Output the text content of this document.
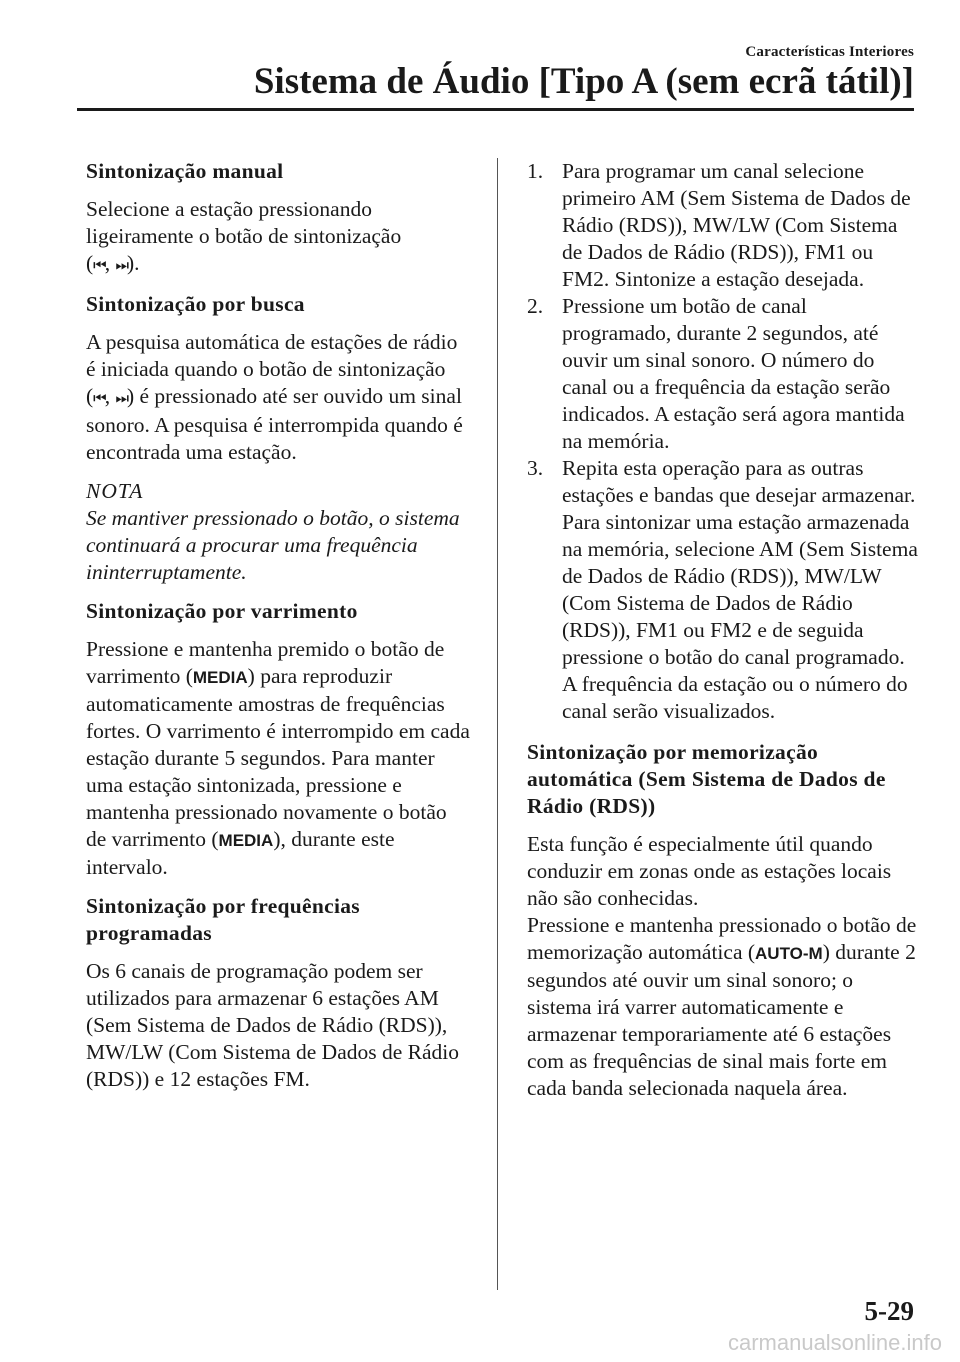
Características Interiores
Sistema de Áudio [Tipo A (sem ecrã tátil)]
Sintonização manual
Selecione a estação pressionando ligeiramente o botão de sintonização
(⏮, ⏭).
Sintonização por busca
A pesquisa automática de estações de rádio é iniciada quando o botão de sintonização (⏮, ⏭) é pressionado até ser ouvido um sinal sonoro. A pesquisa é interrompida quando é encontrada uma estação.
NOTA
Se mantiver pressionado o botão, o sistema continuará a procurar uma frequência ininterruptamente.
Sintonização por varrimento
Pressione e mantenha premido o botão de varrimento (MEDIA) para reproduzir automaticamente amostras de frequências fortes. O varrimento é interrompido em cada estação durante 5 segundos. Para manter uma estação sintonizada, pressione e mantenha pressionado novamente o botão de varrimento (MEDIA), durante este intervalo.
Sintonização por frequências programadas
Os 6 canais de programação podem ser utilizados para armazenar 6 estações AM (Sem Sistema de Dados de Rádio (RDS)), MW/LW (Com Sistema de Dados de Rádio (RDS)) e 12 estações FM.
1. Para programar um canal selecione primeiro AM (Sem Sistema de Dados de Rádio (RDS)), MW/LW (Com Sistema de Dados de Rádio (RDS)), FM1 ou FM2. Sintonize a estação desejada.
2. Pressione um botão de canal programado, durante 2 segundos, até ouvir um sinal sonoro. O número do canal ou a frequência da estação serão indicados. A estação será agora mantida na memória.
3. Repita esta operação para as outras estações e bandas que desejar armazenar. Para sintonizar uma estação armazenada na memória, selecione AM (Sem Sistema de Dados de Rádio (RDS)), MW/LW (Com Sistema de Dados de Rádio (RDS)), FM1 ou FM2 e de seguida pressione o botão do canal programado. A frequência da estação ou o número do canal serão visualizados.
Sintonização por memorização automática (Sem Sistema de Dados de Rádio (RDS))
Esta função é especialmente útil quando conduzir em zonas onde as estações locais não são conhecidas.
Pressione e mantenha pressionado o botão de memorização automática (AUTO-M) durante 2 segundos até ouvir um sinal sonoro; o sistema irá varrer automaticamente e armazenar temporariamente até 6 estações com as frequências de sinal mais forte em cada banda selecionada naquela área.
5-29
carmanualsonline.info
